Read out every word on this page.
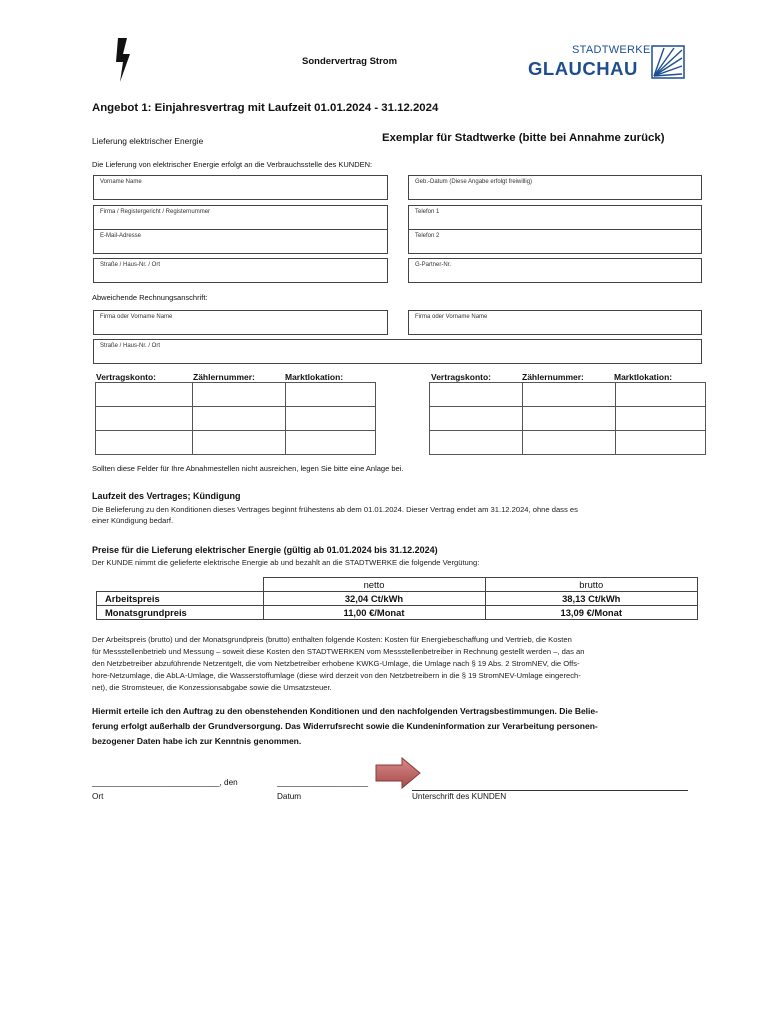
Sondervertrag Strom
STADTWERKE
GLAUCHAU
Angebot 1: Einjahresvertrag mit Laufzeit 01.01.2024 - 31.12.2024
Lieferung elektrischer Energie	Exemplar für Stadtwerke (bitte bei Annahme zurück)
Die Lieferung von elektrischer Energie erfolgt an die Verbrauchsstelle des KUNDEN:
Vorname Name	Geb.-Datum (Diese Angabe erfolgt freiwillig)
Firma / Registergericht / Registernummer	Telefon 1
E-Mail-Adresse	Telefon 2
Straße / Haus-Nr. / Ort	G-Partner-Nr.
Abweichende Rechnungsanschrift:
Firma oder Vorname Name	Firma oder Vorname Name
Straße / Haus-Nr. / Ort
Vertragskonto:	Zählernummer:	Marktlokation:	Vertragskonto:	Zählernummer:	Marktlokation:

Sollten diese Felder für Ihre Abnahmestellen nicht ausreichen, legen Sie bitte eine Anlage bei.
Laufzeit des Vertrages; Kündigung
Die Belieferung zu den Konditionen dieses Vertrages beginnt frühestens ab dem 01.01.2024. Dieser Vertrag endet am 31.12.2024, ohne dass es
einer Kündigung bedarf.
Preise für die Lieferung elektrischer Energie (gültig ab 01.01.2024 bis 31.12.2024)
Der KUNDE nimmt die gelieferte elektrische Energie ab und bezahlt an die STADTWERKE die folgende Vergütung:
	netto	brutto
Arbeitspreis	32,04 Ct/kWh	38,13 Ct/kWh
Monatsgrundpreis	11,00 €/Monat	13,09 €/Monat
Der Arbeitspreis (brutto) und der Monatsgrundpreis (brutto) enthalten folgende Kosten: Kosten für Energiebeschaffung und Vertrieb, die Kosten
für Messstellenbetrieb und Messung – soweit diese Kosten den STADTWERKEN vom Messstellenbetreiber in Rechnung gestellt werden –, das an
den Netzbetreiber abzuführende Netzentgelt, die vom Netzbetreiber erhobene KWKG-Umlage, die Umlage nach § 19 Abs. 2 StromNEV, die Offs-
hore-Netzumlage, die AbLA-Umlage, die Wasserstoffumlage (diese wird derzeit von den Netzbetreibern in die § 19 StromNEV-Umlage eingerech-
net), die Stromsteuer, die Konzessionsabgabe sowie die Umsatzsteuer.
Hiermit erteile ich den Auftrag zu den obenstehenden Konditionen und den nachfolgenden Vertragsbestimmungen. Die Belie-
ferung erfolgt außerhalb der Grundversorgung. Das Widerrufsrecht sowie die Kundeninformation zur Verarbeitung personen-
bezogener Daten habe ich zur Kenntnis genommen.
____________________________, den	____________________
Ort	Datum	Unterschrift des KUNDEN
